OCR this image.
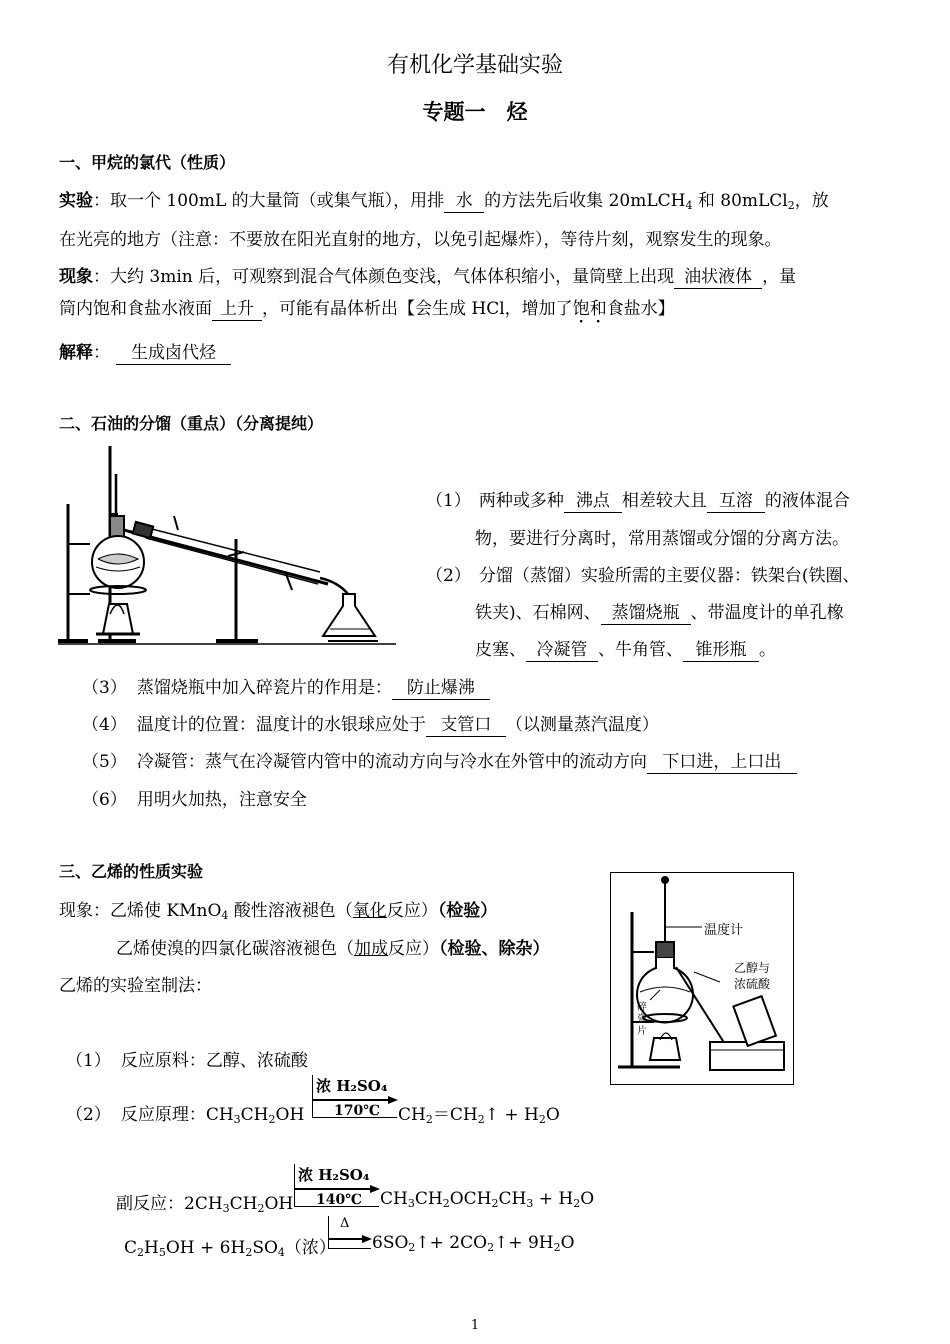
有机化学基础实验
专题一　烃
一、甲烷的氯代（性质）
实验：取一个 100mL 的大量筒（或集气瓶），用排 水 的方法先后收集 20mLCH$_4$ 和 80mLCl$_2$，放
在光亮的地方（注意：不要放在阳光直射的地方，以免引起爆炸），等待片刻，观察发生的现象。
现象：大约 3min 后，可观察到混合气体颜色变浅，气体体积缩小，量筒壁上出现 油状液体 ，量
筒内饱和食盐水液面 上升 ，可能有晶体析出【会生成 HCl，增加了饱和食盐水】
解释： 生成卤代烃
二、石油的分馏（重点）（分离提纯）
（1） 两种或多种 沸点 相差较大且 互溶 的液体混合
物，要进行分离时，常用蒸馏或分馏的分离方法。
（2） 分馏（蒸馏）实验所需的主要仪器：铁架台(铁圈、
铁夹)、石棉网、 蒸馏烧瓶 、带温度计的单孔橡
皮塞、 冷凝管 、牛角管、 锥形瓶 。
（3） 蒸馏烧瓶中加入碎瓷片的作用是： 防止爆沸
（4） 温度计的位置：温度计的水银球应处于 支管口 （以测量蒸汽温度）
（5） 冷凝管：蒸气在冷凝管内管中的流动方向与冷水在外管中的流动方向 下口进，上口出
（6） 用明火加热，注意安全
三、乙烯的性质实验
现象：乙烯使 KMnO$_4$ 酸性溶液褪色（氧化反应）（检验）
乙烯使溴的四氯化碳溶液褪色（加成反应）（检验、除杂）
乙烯的实验室制法：
温度计
乙醇与
浓硫酸
碎
瓷
片
（1） 反应原料：乙醇、浓硫酸
（2） 反应原理：$CH_3CH_2OH$
浓 H₂SO₄
170℃ $CH_2=CH_2↑ + H_2O$
副反应：$2CH_3CH_2OH$
浓 H₂SO₄
140℃ $CH_3CH_2OCH_2CH_3 + H_2O$
$C_2H_5OH + 6H_2SO_4$（浓）
Δ
$6SO_2↑+$ $2CO_2↑+ 9H_2O$
1
